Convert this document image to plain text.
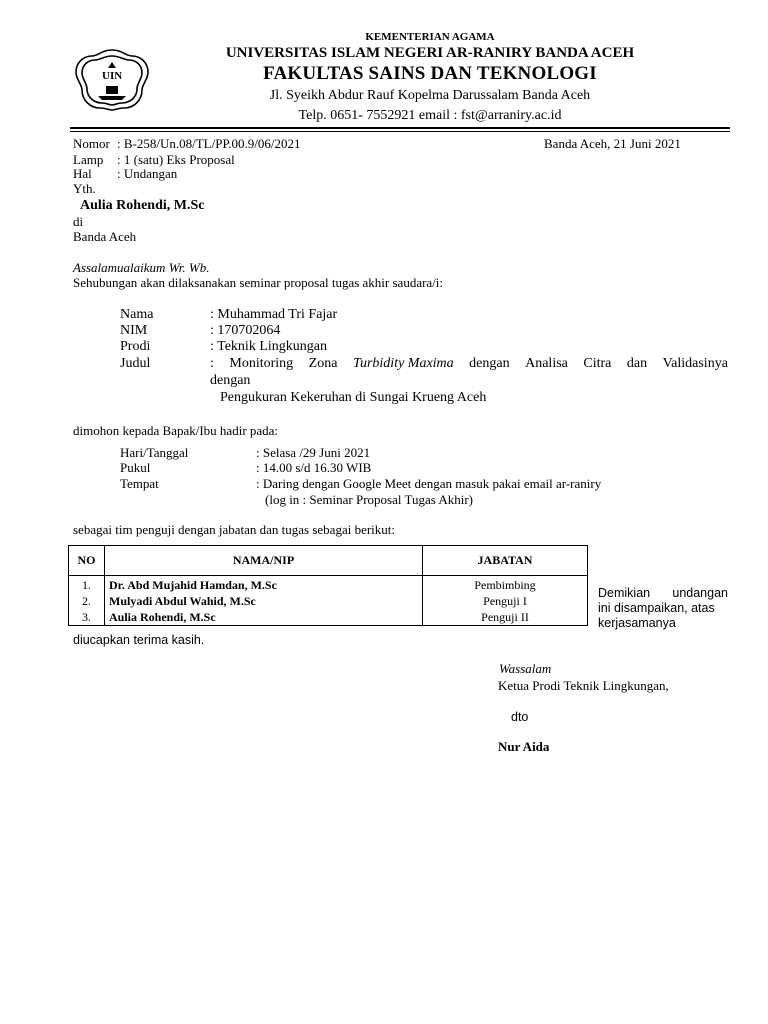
UIN
KEMENTERIAN AGAMA
UNIVERSITAS ISLAM NEGERI AR-RANIRY BANDA ACEH
FAKULTAS SAINS DAN TEKNOLOGI
Jl. Syeikh Abdur Rauf Kopelma Darussalam Banda Aceh
Telp. 0651- 7552921 email : fst@arraniry.ac.id
Nomor : B-258/Un.08/TL/PP.00.9/06/2021	Banda Aceh, 21 Juni 2021
Lamp : 1 (satu) Eks Proposal
Hal : Undangan
Yth.
Aulia Rohendi, M.Sc
di
Banda Aceh
Assalamualaikum Wr. Wb.
Sehubungan akan dilaksanakan seminar proposal tugas akhir saudara/i:
Nama	: Muhammad Tri Fajar
NIM	: 170702064
Prodi	: Teknik Lingkungan
Judul	: Monitoring Zona Turbidity Maxima dengan Analisa Citra dan Validasinya
dengan
Pengukuran Kekeruhan di Sungai Krueng Aceh
dimohon kepada Bapak/Ibu hadir pada:
Hari/Tanggal	: Selasa /29 Juni 2021
Pukul	: 14.00 s/d 16.30 WIB
Tempat	: Daring dengan Google Meet dengan masuk pakai email ar-raniry
(log in : Seminar Proposal Tugas Akhir)
sebagai tim penguji dengan jabatan dan tugas sebagai berikut:
NO	NAMA/NIP	JABATAN
1.	Dr. Abd Mujahid Hamdan, M.Sc	Pembimbing
2.	Mulyadi Abdul Wahid, M.Sc	Penguji I
3.	Aulia Rohendi, M.Sc	Penguji II
Demikian undangan
ini disampaikan, atas
kerjasamanya
diucapkan terima kasih.
Wassalam
Ketua Prodi Teknik Lingkungan,
dto
Nur Aida
